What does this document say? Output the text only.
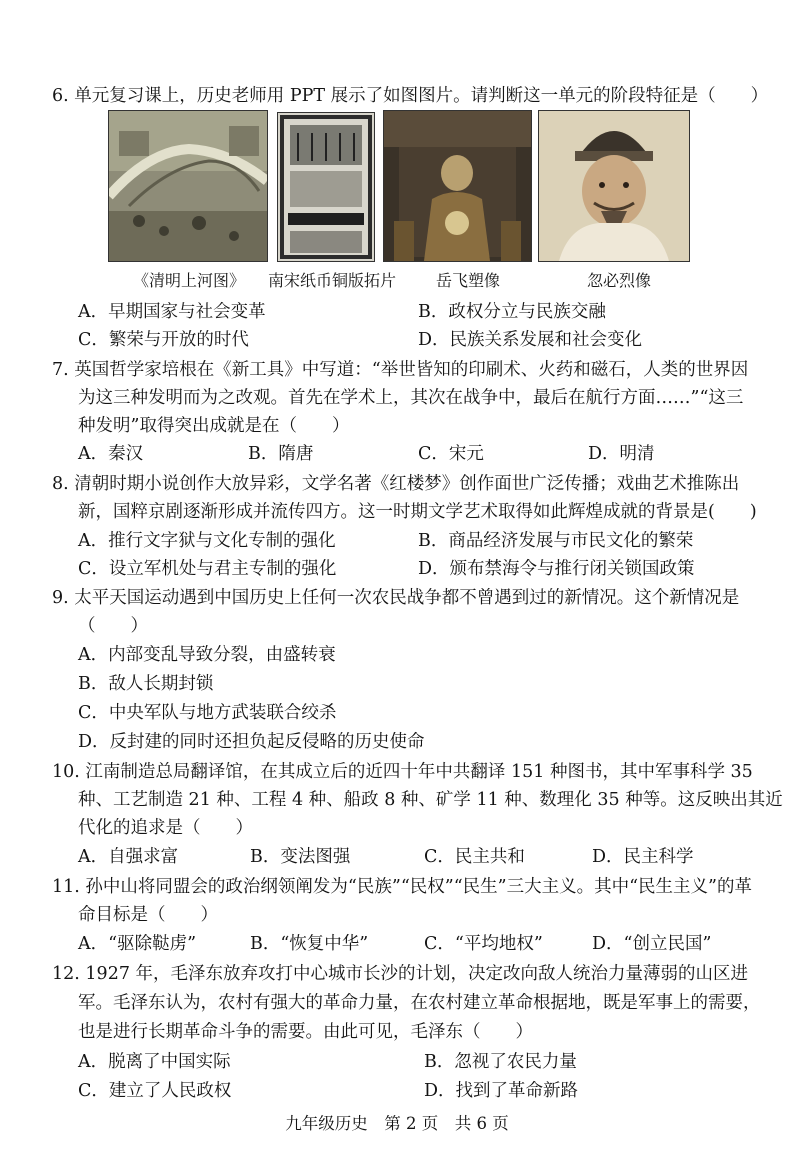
6. 单元复习课上，历史老师用 PPT 展示了如图图片。请判断这一单元的阶段特征是（　　）
《清明上河图》 南宋纸币铜版拓片 岳飞塑像	忽必烈像
A．早期国家与社会变革	B．政权分立与民族交融
C．繁荣与开放的时代	D．民族关系发展和社会变化
7. 英国哲学家培根在《新工具》中写道：“举世皆知的印刷术、火药和磁石，人类的世界因
为这三种发明而为之改观。首先在学术上，其次在战争中，最后在航行方面……”“这三
种发明”取得突出成就是在（　　）
A．秦汉	B．隋唐	C．宋元	D．明清
8. 清朝时期小说创作大放异彩，文学名著《红楼梦》创作面世广泛传播；戏曲艺术推陈出
新，国粹京剧逐渐形成并流传四方。这一时期文学艺术取得如此辉煌成就的背景是(　　)
A．推行文字狱与文化专制的强化	B．商品经济发展与市民文化的繁荣
C．设立军机处与君主专制的强化	D．颁布禁海令与推行闭关锁国政策
9. 太平天国运动遇到中国历史上任何一次农民战争都不曾遇到过的新情况。这个新情况是
（　　）
A．内部变乱导致分裂，由盛转衰
B．敌人长期封锁
C．中央军队与地方武装联合绞杀
D．反封建的同时还担负起反侵略的历史使命
10. 江南制造总局翻译馆，在其成立后的近四十年中共翻译 151 种图书，其中军事科学 35
种、工艺制造 21 种、工程 4 种、船政 8 种、矿学 11 种、数理化 35 种等。这反映出其近
代化的追求是（　　）
A．自强求富	B．变法图强	C．民主共和	D．民主科学
11. 孙中山将同盟会的政治纲领阐发为“民族”“民权”“民生”三大主义。其中“民生主义”的革
命目标是（　　）
A．“驱除鞑虏”	B．“恢复中华”	C．“平均地权”	D．“创立民国”
12. 1927 年，毛泽东放弃攻打中心城市长沙的计划，决定改向敌人统治力量薄弱的山区进
军。毛泽东认为，农村有强大的革命力量，在农村建立革命根据地，既是军事上的需要，
也是进行长期革命斗争的需要。由此可见，毛泽东（　　）
A．脱离了中国实际	B．忽视了农民力量
C．建立了人民政权	D．找到了革命新路
九年级历史　第 2 页　共 6 页
